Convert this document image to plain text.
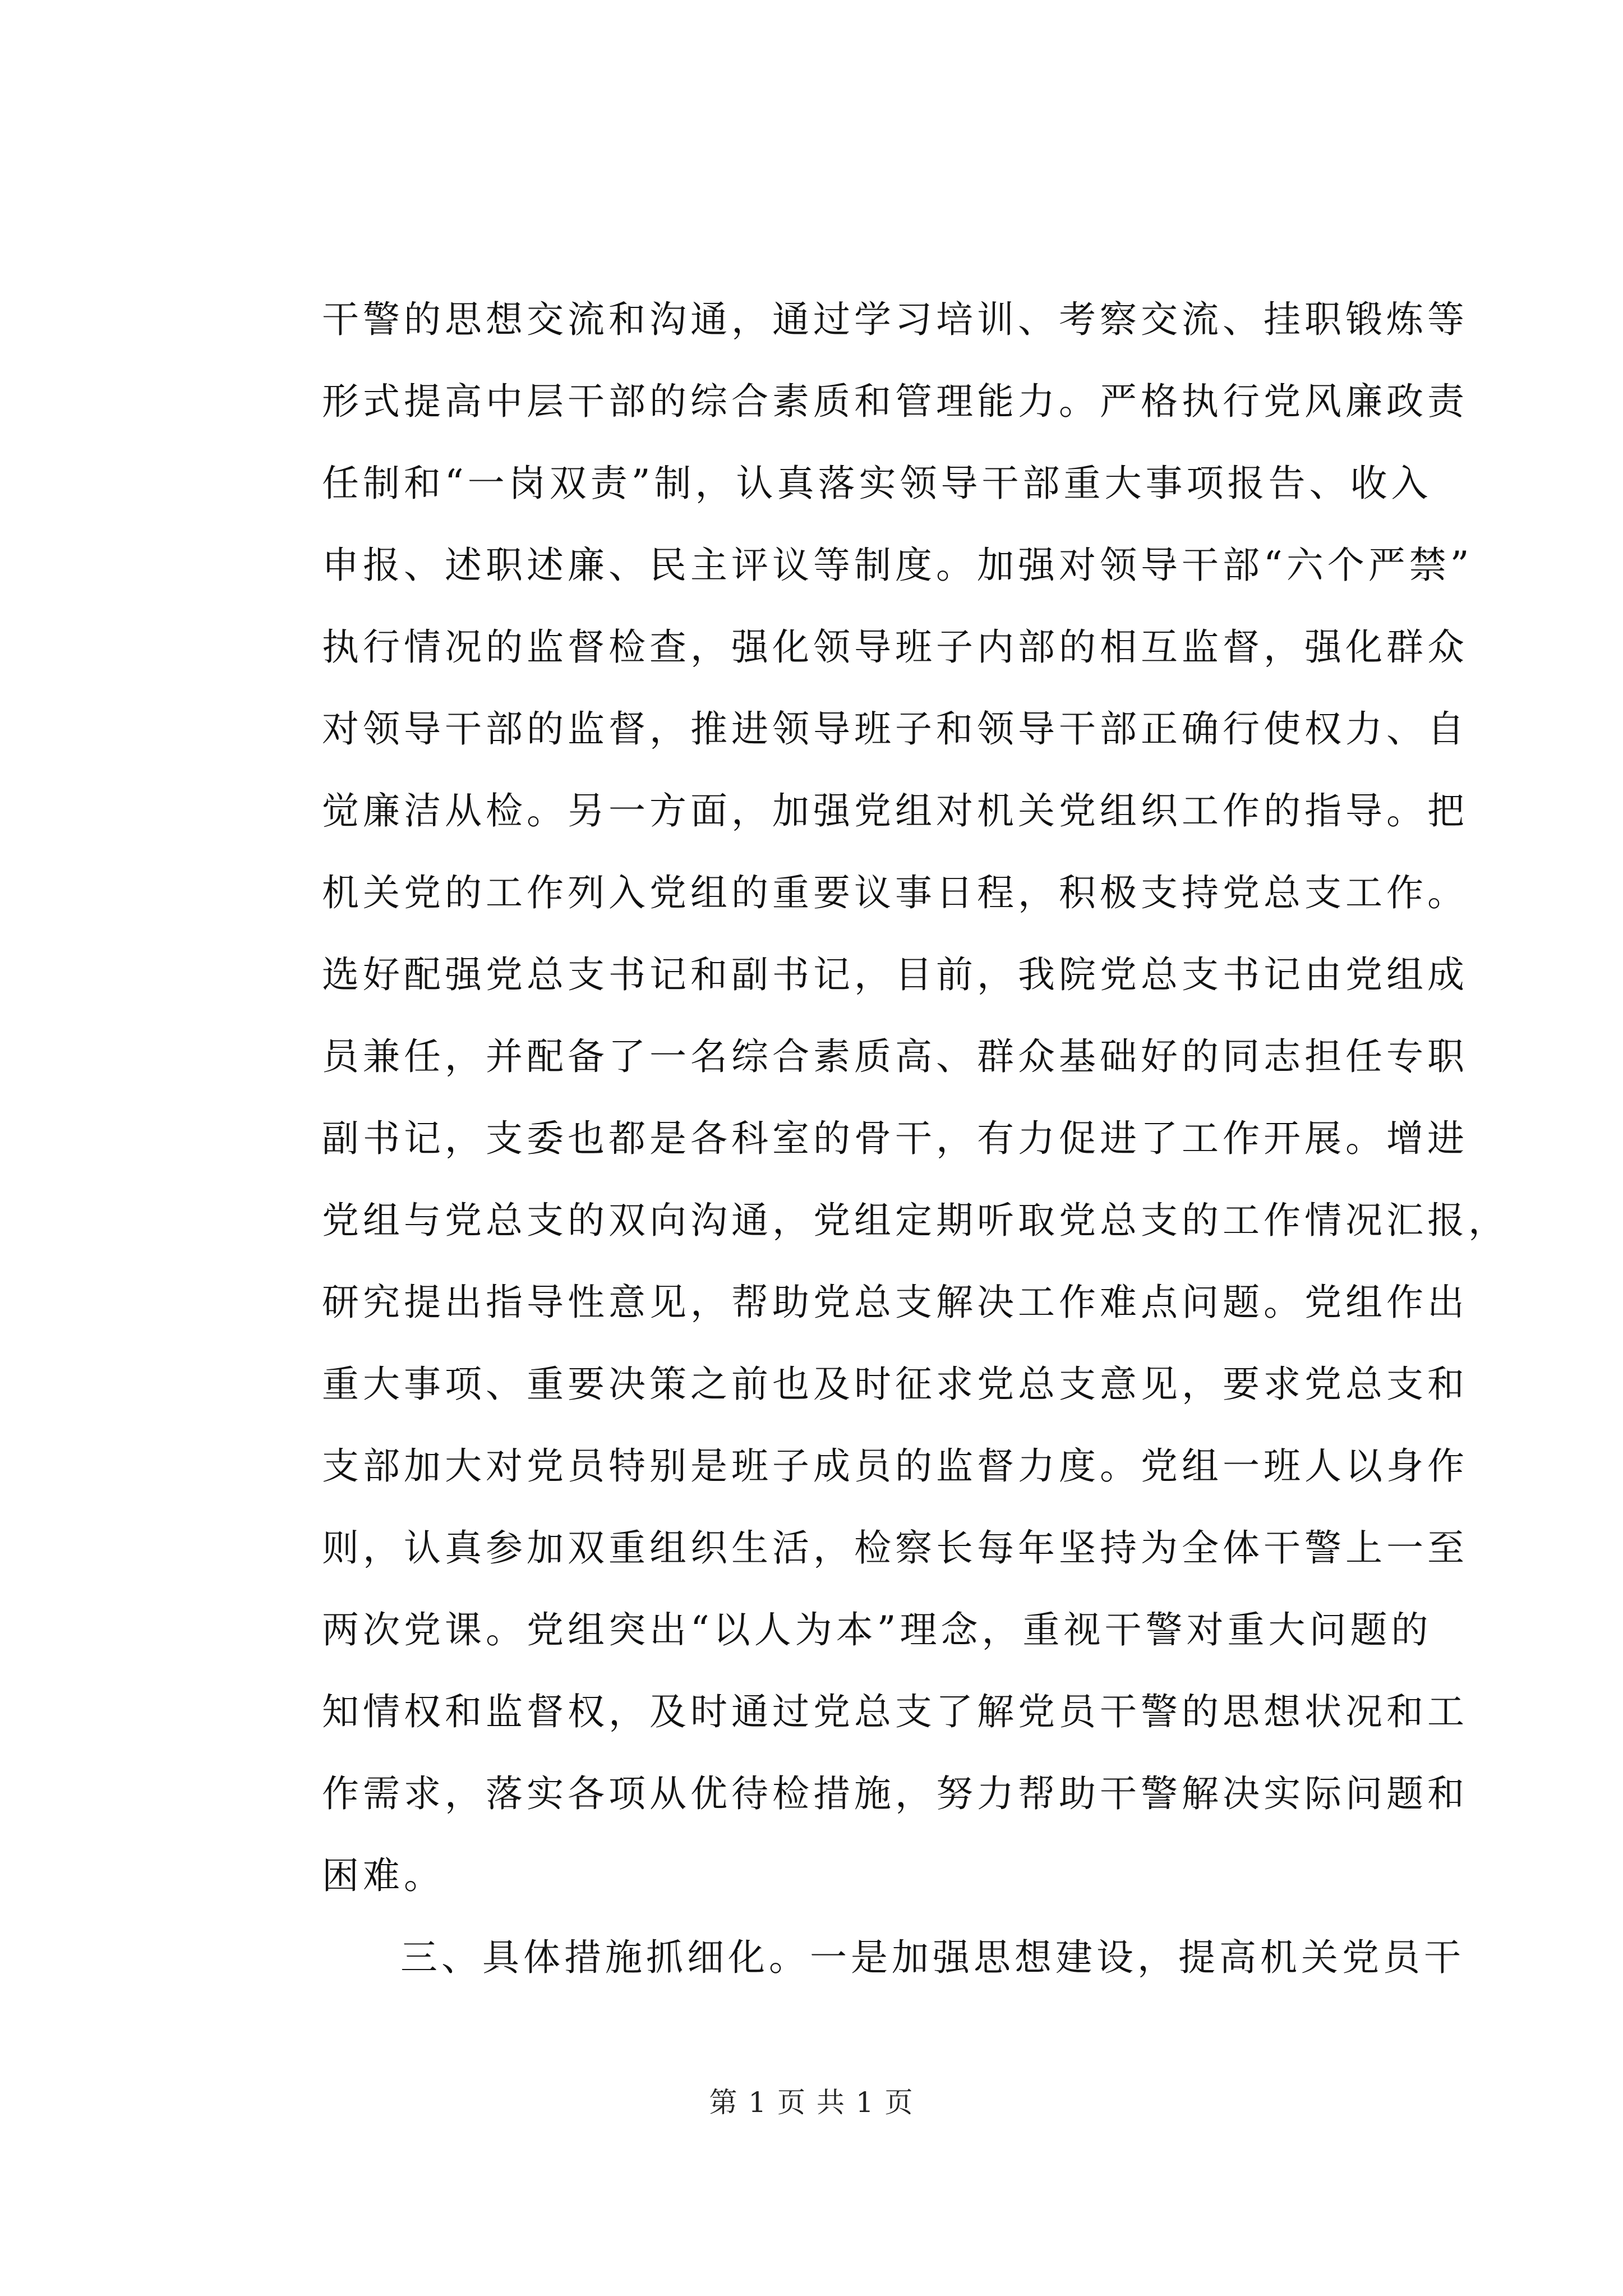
干警的思想交流和沟通，通过学习培训、考察交流、挂职锻炼等
形式提高中层干部的综合素质和管理能力。严格执行党风廉政责
任制和“一岗双责”制，认真落实领导干部重大事项报告、收入
申报、述职述廉、民主评议等制度。加强对领导干部“六个严禁”
执行情况的监督检查，强化领导班子内部的相互监督，强化群众
对领导干部的监督，推进领导班子和领导干部正确行使权力、自
觉廉洁从检。另一方面，加强党组对机关党组织工作的指导。把
机关党的工作列入党组的重要议事日程，积极支持党总支工作。
选好配强党总支书记和副书记，目前，我院党总支书记由党组成
员兼任，并配备了一名综合素质高、群众基础好的同志担任专职
副书记，支委也都是各科室的骨干，有力促进了工作开展。增进
党组与党总支的双向沟通，党组定期听取党总支的工作情况汇报，
研究提出指导性意见，帮助党总支解决工作难点问题。党组作出
重大事项、重要决策之前也及时征求党总支意见，要求党总支和
支部加大对党员特别是班子成员的监督力度。党组一班人以身作
则，认真参加双重组织生活，检察长每年坚持为全体干警上一至
两次党课。党组突出“以人为本”理念，重视干警对重大问题的
知情权和监督权，及时通过党总支了解党员干警的思想状况和工
作需求，落实各项从优待检措施，努力帮助干警解决实际问题和
困难。
三、具体措施抓细化。一是加强思想建设，提高机关党员干
第 1 页 共 1 页
